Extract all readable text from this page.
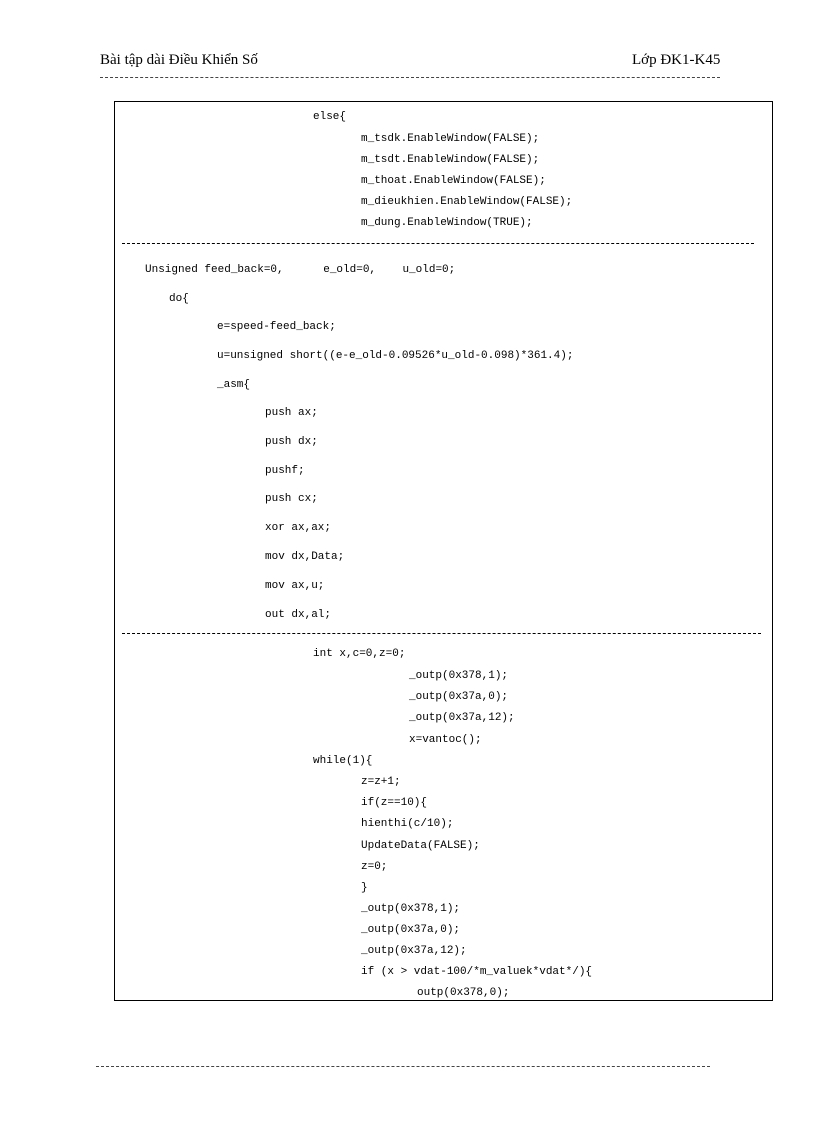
Bài tập dài Điều Khiển Số	Lớp ĐK1-K45
else{
m_tsdk.EnableWindow(FALSE);
m_tsdt.EnableWindow(FALSE);
m_thoat.EnableWindow(FALSE);
m_dieukhien.EnableWindow(FALSE);
m_dung.EnableWindow(TRUE);
Unsigned feed_back=0,      e_old=0,    u_old=0;
do{
e=speed-feed_back;
u=unsigned short((e-e_old-0.09526*u_old-0.098)*361.4);
_asm{
push ax;
push dx;
pushf;
push cx;
xor ax,ax;
mov dx,Data;
mov ax,u;
out dx,al;
int x,c=0,z=0;
_outp(0x378,1);
_outp(0x37a,0);
_outp(0x37a,12);
x=vantoc();
while(1){
z=z+1;
if(z==10){
hienthi(c/10);
UpdateData(FALSE);
z=0;
}
_outp(0x378,1);
_outp(0x37a,0);
_outp(0x37a,12);
if (x > vdat-100/*m_valuek*vdat*/){
outp(0x378,0);
